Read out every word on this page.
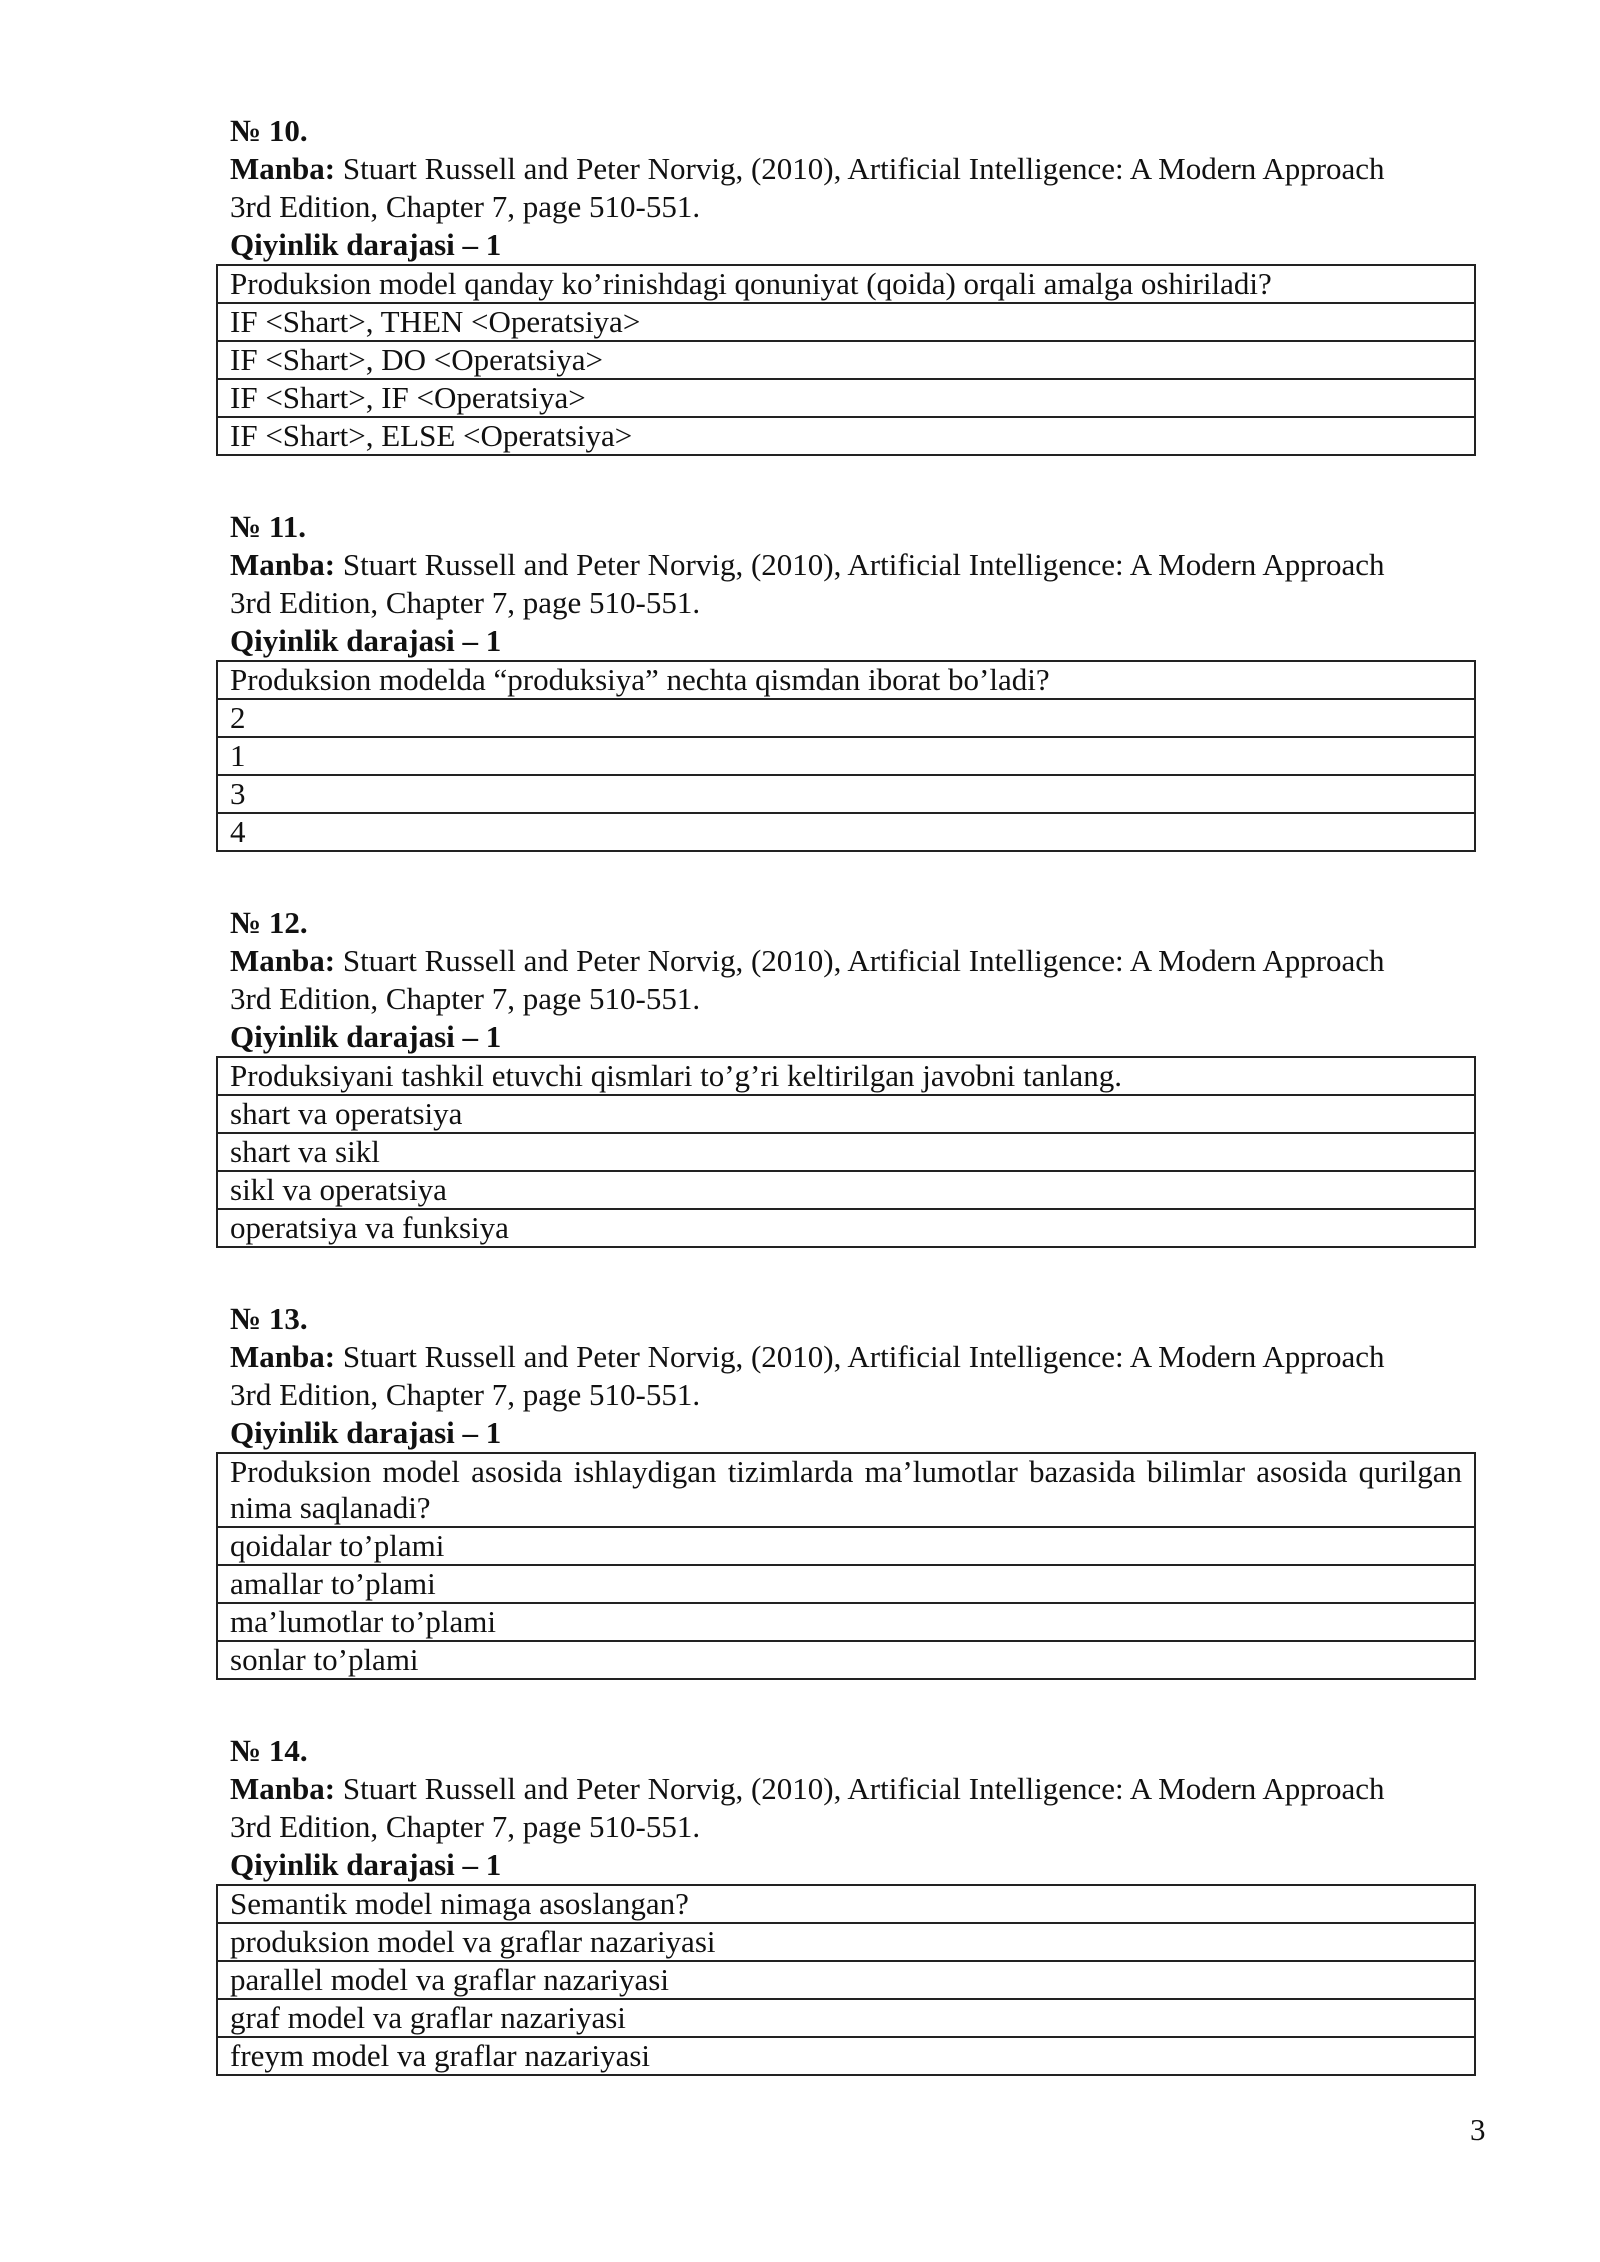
№ 10.
Manba: Stuart Russell and Peter Norvig, (2010), Artificial Intelligence: A Modern Approach
3rd Edition, Chapter 7, page 510-551.
Qiyinlik darajasi – 1
Produksion model qanday ko’rinishdagi qonuniyat (qoida) orqali amalga oshiriladi?
IF <Shart>, THEN <Operatsiya>
IF <Shart>, DO <Operatsiya>
IF <Shart>, IF <Operatsiya>
IF <Shart>, ELSE <Operatsiya>
№ 11.
Manba: Stuart Russell and Peter Norvig, (2010), Artificial Intelligence: A Modern Approach
3rd Edition, Chapter 7, page 510-551.
Qiyinlik darajasi – 1
Produksion modelda “produksiya” nechta qismdan iborat bo’ladi?
2
1
3
4
№ 12.
Manba: Stuart Russell and Peter Norvig, (2010), Artificial Intelligence: A Modern Approach
3rd Edition, Chapter 7, page 510-551.
Qiyinlik darajasi – 1
Produksiyani tashkil etuvchi qismlari to’g’ri keltirilgan javobni tanlang.
shart va operatsiya
shart va sikl
sikl va operatsiya
operatsiya va funksiya
№ 13.
Manba: Stuart Russell and Peter Norvig, (2010), Artificial Intelligence: A Modern Approach
3rd Edition, Chapter 7, page 510-551.
Qiyinlik darajasi – 1
Produksion model asosida ishlaydigan tizimlarda ma’lumotlar bazasida bilimlar asosida qurilgan nima saqlanadi?
qoidalar to’plami
amallar to’plami
ma’lumotlar to’plami
sonlar to’plami
№ 14.
Manba: Stuart Russell and Peter Norvig, (2010), Artificial Intelligence: A Modern Approach
3rd Edition, Chapter 7, page 510-551.
Qiyinlik darajasi – 1
Semantik model nimaga asoslangan?
produksion model va graflar nazariyasi
parallel model va graflar nazariyasi
graf model va graflar nazariyasi
freym model va graflar nazariyasi
3
